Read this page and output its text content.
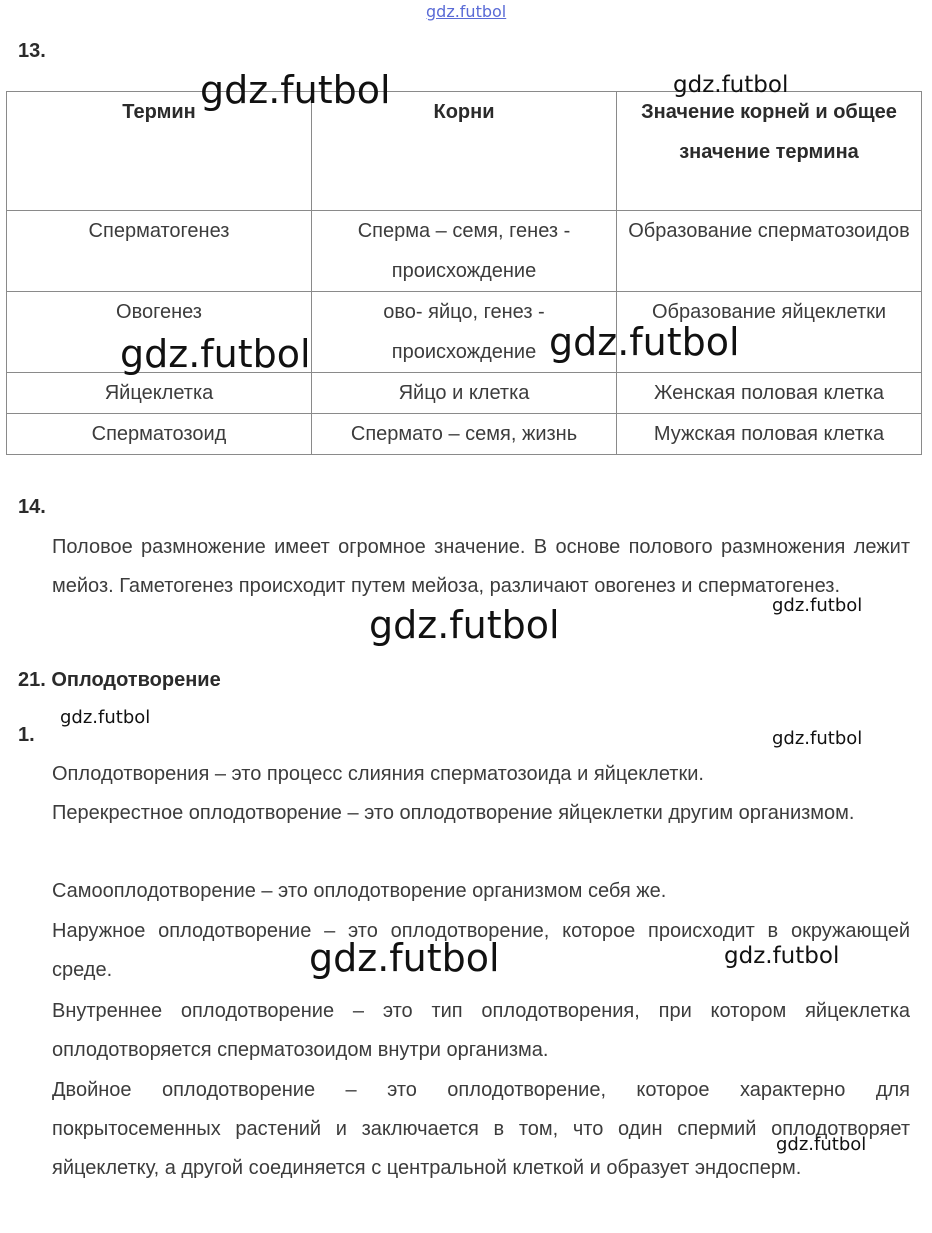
13.
Термин	Корни	Значение корней и общее значение термина
Сперматогенез	Сперма – семя, генез - происхождение	Образование сперматозоидов
Овогенез	ово- яйцо, генез - происхождение	Образование яйцеклетки
Яйцеклетка	Яйцо и клетка	Женская половая клетка
Сперматозоид	Спермато – семя, жизнь	Мужская половая клетка
14.
Половое размножение имеет огромное значение. В основе полового размножения лежит мейоз. Гаметогенез происходит путем мейоза, различают овогенез и сперматогенез.
21. Оплодотворение
1.
Оплодотворения – это процесс слияния сперматозоида и яйцеклетки.
Перекрестное оплодотворение – это оплодотворение яйцеклетки другим организмом.
Самооплодотворение – это оплодотворение организмом себя же.
Наружное оплодотворение – это оплодотворение, которое происходит в окружающей среде.
Внутреннее оплодотворение – это тип оплодотворения, при котором яйцеклетка оплодотворяется сперматозоидом внутри организма.
Двойное оплодотворение – это оплодотворение, которое характерно для покрытосеменных растений и заключается в том, что один спермий оплодотворяет яйцеклетку, а другой соединяется с центральной клеткой и образует эндосперм.
gdz.futbol
gdz.futbol	gdz.futbol
gdz.futbol	gdz.futbol
gdz.futbol	gdz.futbol
gdz.futbol
gdz.futbol
gdz.futbol	gdz.futbol
gdz.futbol
